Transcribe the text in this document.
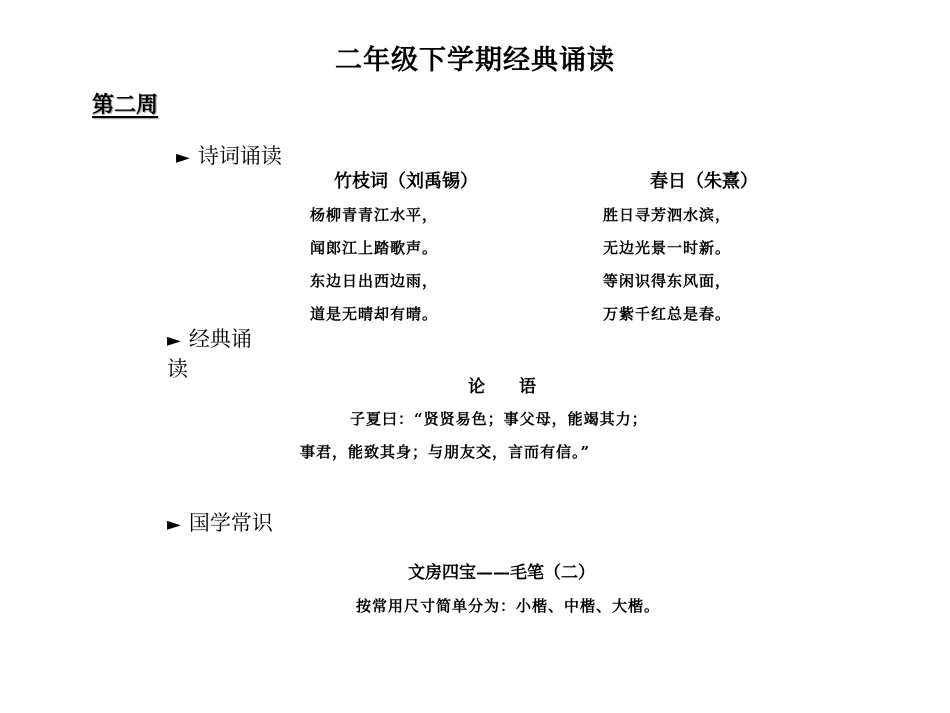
二年级下学期经典诵读
第二周
► 诗词诵读
竹枝词（刘禹锡）
杨柳青青江水平，
闻郎江上踏歌声。
东边日出西边雨，
道是无晴却有晴。
春日（朱熹）
胜日寻芳泗水滨，
无边光景一时新。
等闲识得东风面，
万紫千红总是春。
► 经典诵
读
论　　语
子夏曰：“贤贤易色；事父母，能竭其力；
事君，能致其身；与朋友交，言而有信。”
► 国学常识
文房四宝——毛笔（二）
按常用尺寸简单分为：小楷、中楷、大楷。
